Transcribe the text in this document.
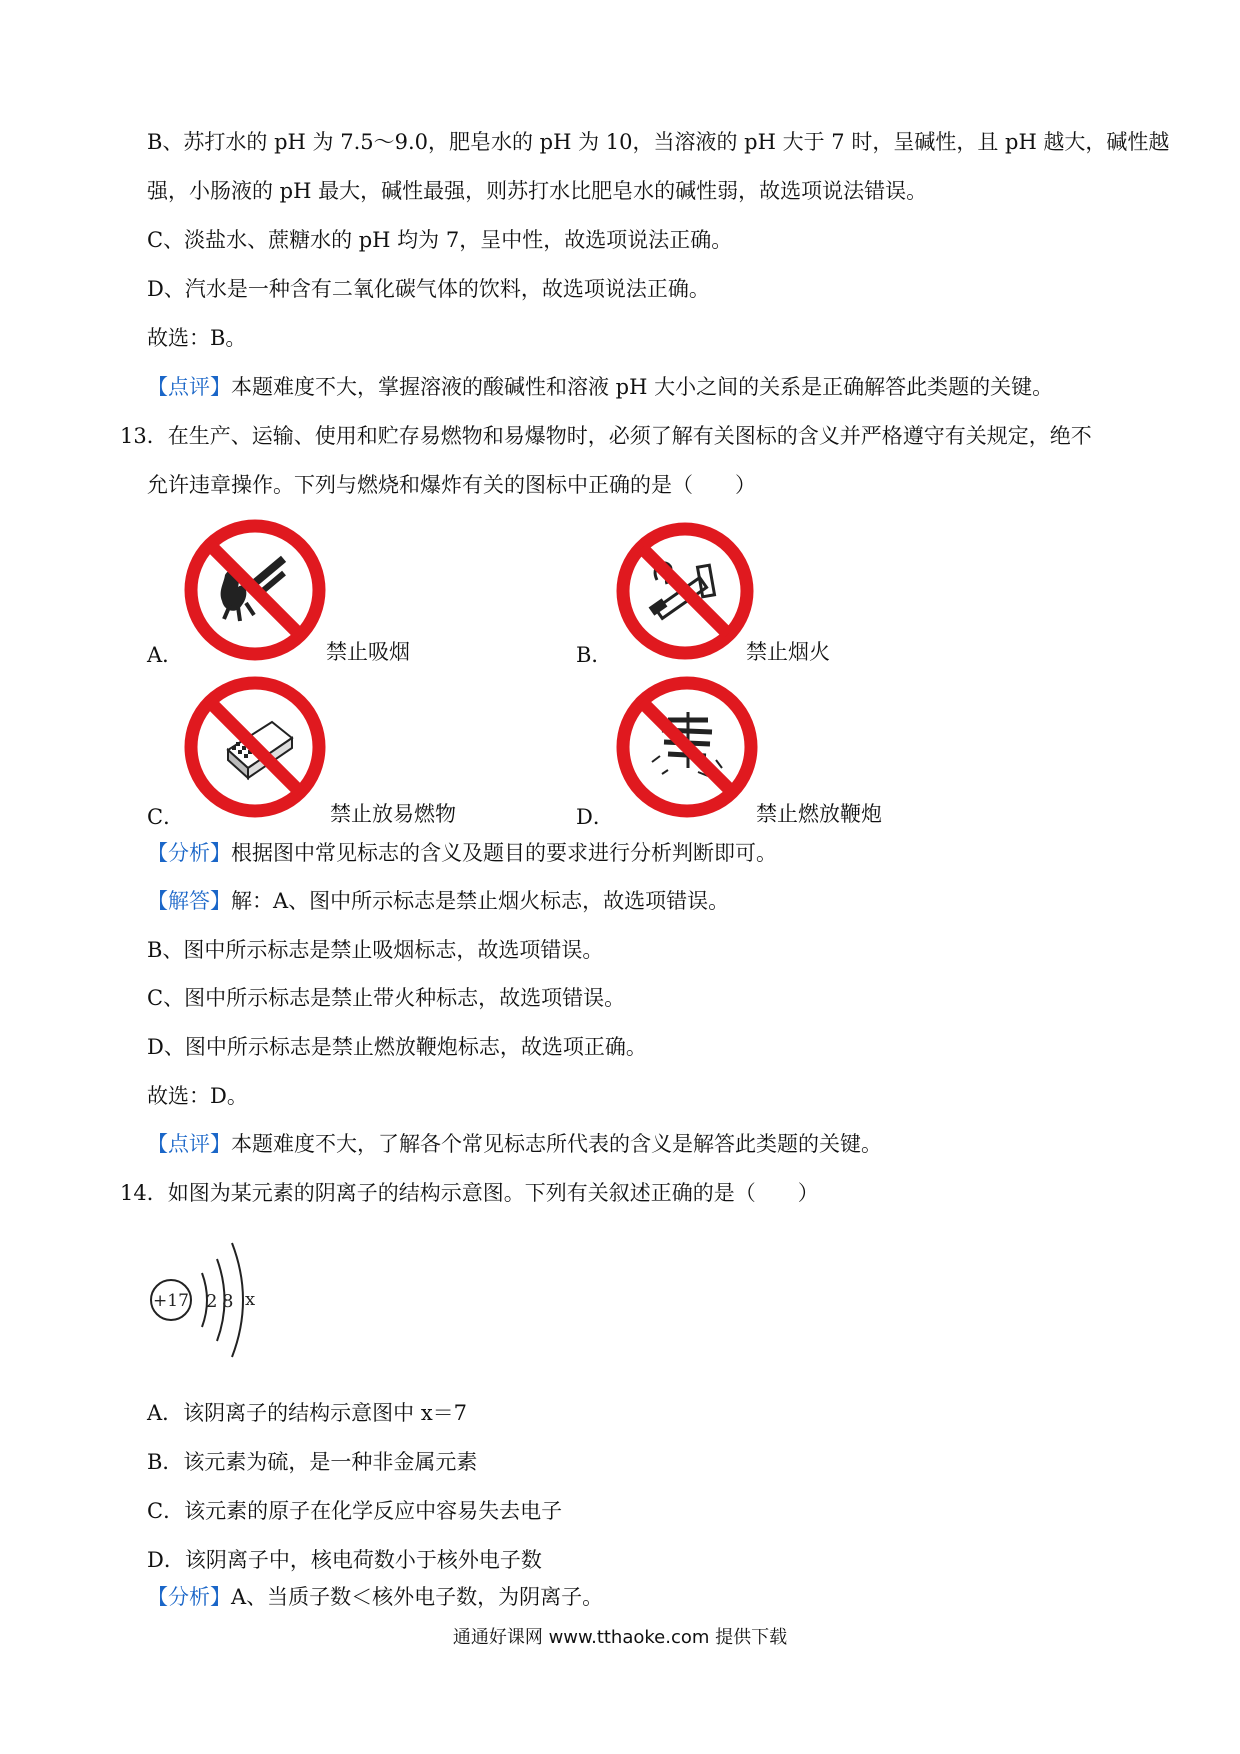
B、苏打水的 pH 为 7.5～9.0，肥皂水的 pH 为 10，当溶液的 pH 大于 7 时，呈碱性，且 pH 越大，碱性越
强，小肠液的 pH 最大，碱性最强，则苏打水比肥皂水的碱性弱，故选项说法错误。
C、淡盐水、蔗糖水的 pH 均为 7，呈中性，故选项说法正确。
D、汽水是一种含有二氧化碳气体的饮料，故选项说法正确。
故选：B。
【点评】本题难度不大，掌握溶液的酸碱性和溶液 pH 大小之间的关系是正确解答此类题的关键。
13．在生产、运输、使用和贮存易燃物和易爆物时，必须了解有关图标的含义并严格遵守有关规定，绝不
允许违章操作。下列与燃烧和爆炸有关的图标中正确的是（　　）
A．	禁止吸烟	B．	禁止烟火
C．	禁止放易燃物	D．	禁止燃放鞭炮
【分析】根据图中常见标志的含义及题目的要求进行分析判断即可。
【解答】解：A、图中所示标志是禁止烟火标志，故选项错误。
B、图中所示标志是禁止吸烟标志，故选项错误。
C、图中所示标志是禁止带火种标志，故选项错误。
D、图中所示标志是禁止燃放鞭炮标志，故选项正确。
故选：D。
【点评】本题难度不大，了解各个常见标志所代表的含义是解答此类题的关键。
14．如图为某元素的阴离子的结构示意图。下列有关叙述正确的是（　　）
+17 2 8 x
A．该阴离子的结构示意图中 x＝7
B．该元素为硫，是一种非金属元素
C．该元素的原子在化学反应中容易失去电子
D．该阴离子中，核电荷数小于核外电子数
【分析】A、当质子数＜核外电子数，为阴离子。
通通好课网 www.tthaoke.com 提供下载
